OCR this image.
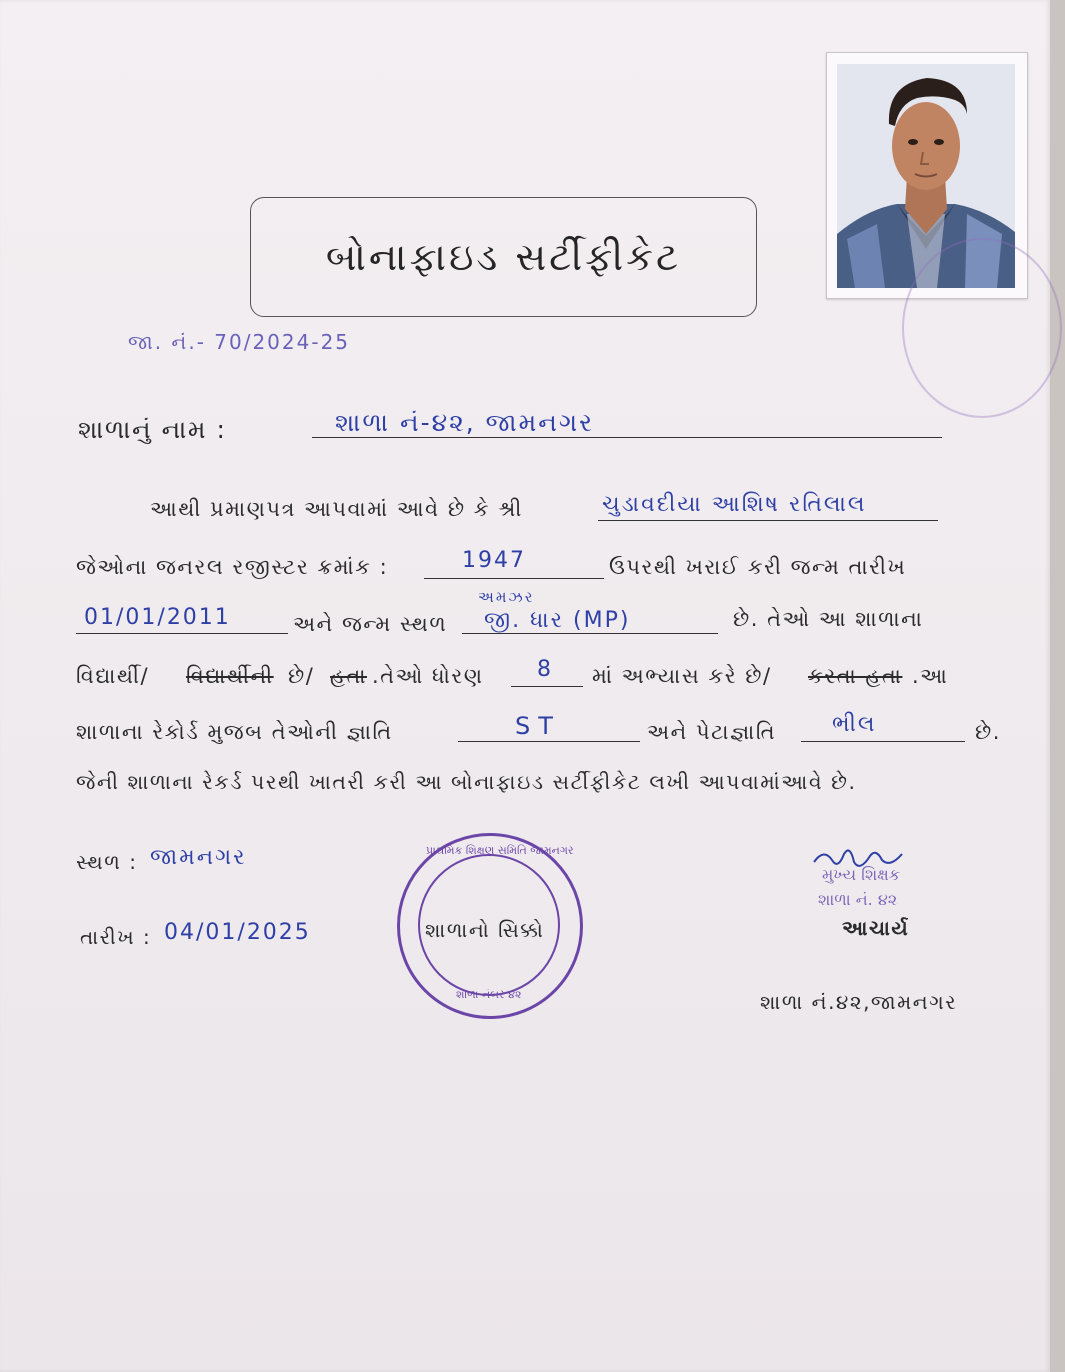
બોનાફાઇડ સર્ટીફીકેટ
જા. નં.- 70/2024-25
શાળાનું નામ :	શાળા નં-૪૨, જામનગર
આથી પ્રમાણપત્ર આપવામાં આવે છે કે શ્રી	ચુડાવદીયા આશિષ રતિલાલ
જેઓના જનરલ રજીસ્ટર ક્રમાંક :	1947	ઉપરથી ખરાઈ કરી જન્મ તારીખ
01/01/2011	અને જન્મ સ્થળ
અમઝર
જી. ધાર (MP)	છે. તેઓ આ શાળાના
વિદ્યાર્થી/ વિદ્યાર્થીની છે/ હતા .તેઓ ધોરણ 8 માં અભ્યાસ કરે છે/ કરતા હતા .આ
શાળાના રેકોર્ડ મુજબ તેઓની જ્ઞાતિ	ST	અને પેટાજ્ઞાતિ	ભીલ	છે.
જેની શાળાના રેકર્ડ પરથી ખાતરી કરી આ બોનાફાઇડ સર્ટીફીકેટ લખી આપવામાંઆવે છે.
સ્થળ : જામનગર
તારીખ : 04/01/2025
પ્રાથમિક શિક્ષણ સમિતિ જામનગર
શાળા નંબર ૪૨
શાળાનો સિક્કો
મુખ્ય શિક્ષક
શાળા નં. ૪૨
આચાર્ય
શાળા નં.૪૨,જામનગર
